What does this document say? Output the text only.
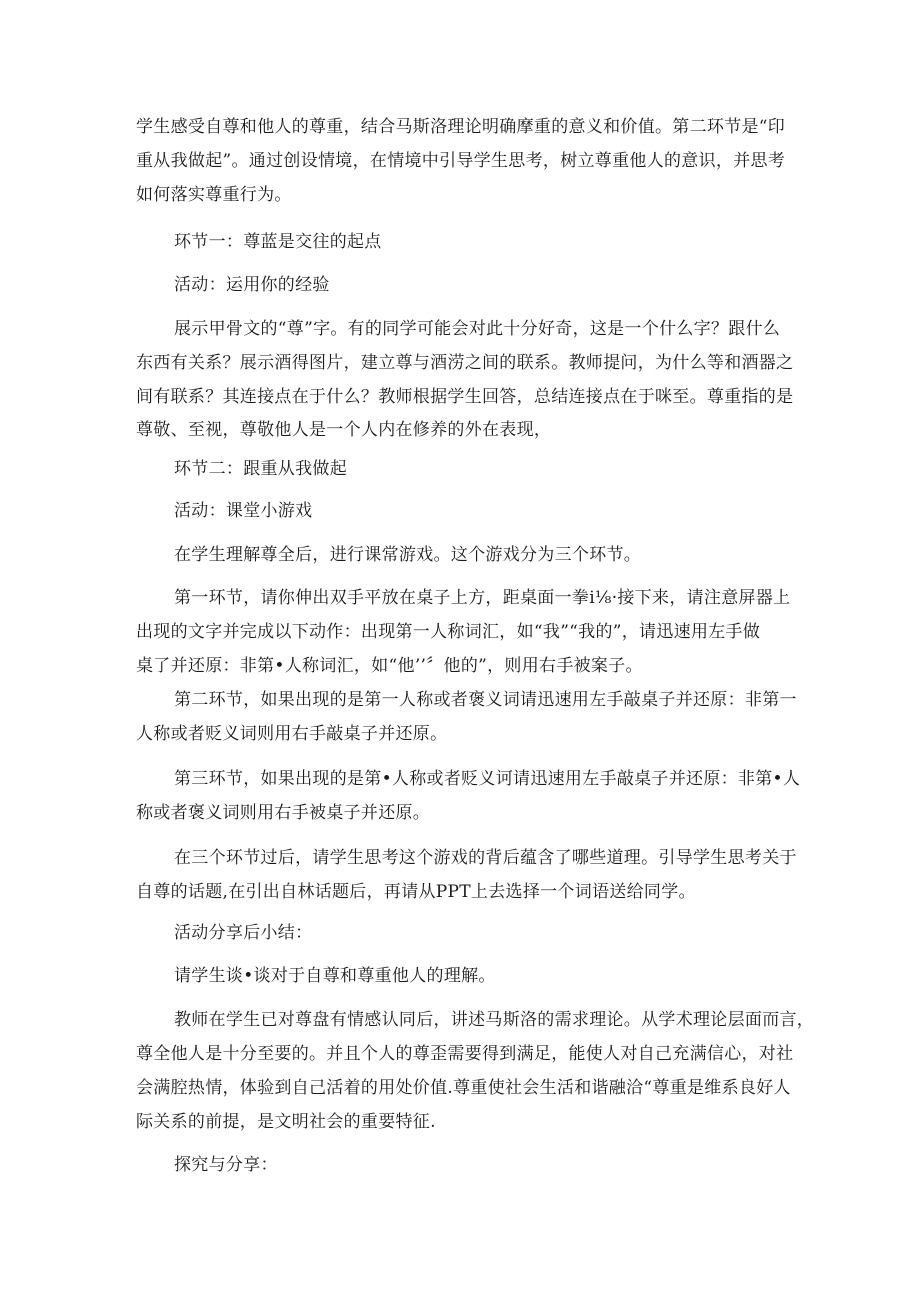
学生感受自尊和他人的尊重，结合马斯洛理论明确摩重的意义和价值。第二环节是“印
重从我做起”。通过创设情境，在情境中引导学生思考，树立尊重他人的意识，并思考
如何落实尊重行为。
环节一：尊蓝是交往的起点
活动：运用你的经验
展示甲骨文的“尊”字。有的同学可能会对此十分好奇，这是一个什么字？跟什么
东西有关系？展示酒得图片，建立尊与酒涝之间的联系。教师提问，为什么等和酒器之
间有联系？其连接点在于什么？教师根据学生回答，总结连接点在于咪至。尊重指的是
尊敬、至视，尊敬他人是一个人内在修养的外在表现，
环节二：跟重从我做起
活动：课堂小游戏
在学生理解尊全后，进行课常游戏。这个游戏分为三个环节。
第一环节，请你伸出双手平放在桌子上方，距桌面一拳i⅛·接下来，请注意屏器上
出现的文字并完成以下动作：出现第一人称词汇，如“我”“我的”，请迅速用左手做
桌了并还原：非第•人称词汇，如“他’’〞他的”，则用右手被案子。
第二环节，如果出现的是第一人称或者褒义词请迅速用左手敲桌子并还原：非第一
人称或者贬义词则用右手敲桌子并还原。
第三环节，如果出现的是第•人称或者贬义诃请迅速用左手敲桌子并还原：非第•人
称或者褒义词则用右手被桌子并还原。
在三个环节过后，请学生思考这个游戏的背后蕴含了哪些道理。引导学生思考关于
自尊的话题,在引出自林话题后，再请从PPT上去选择一个词语送给同学。
活动分享后小结：
请学生谈•谈对于自尊和尊重他人的理解。
教师在学生已对尊盘有情感认同后，讲述马斯洛的需求理论。从学术理论层面而言，
尊全他人是十分至要的。并且个人的尊歪需要得到满足，能使人对自己充满信心，对社
会满腔热情，体验到自己活着的用处价值.尊重使社会生活和谐融洽“尊重是维系良好人
际关系的前提，是文明社会的重要特征.
探究与分享：
